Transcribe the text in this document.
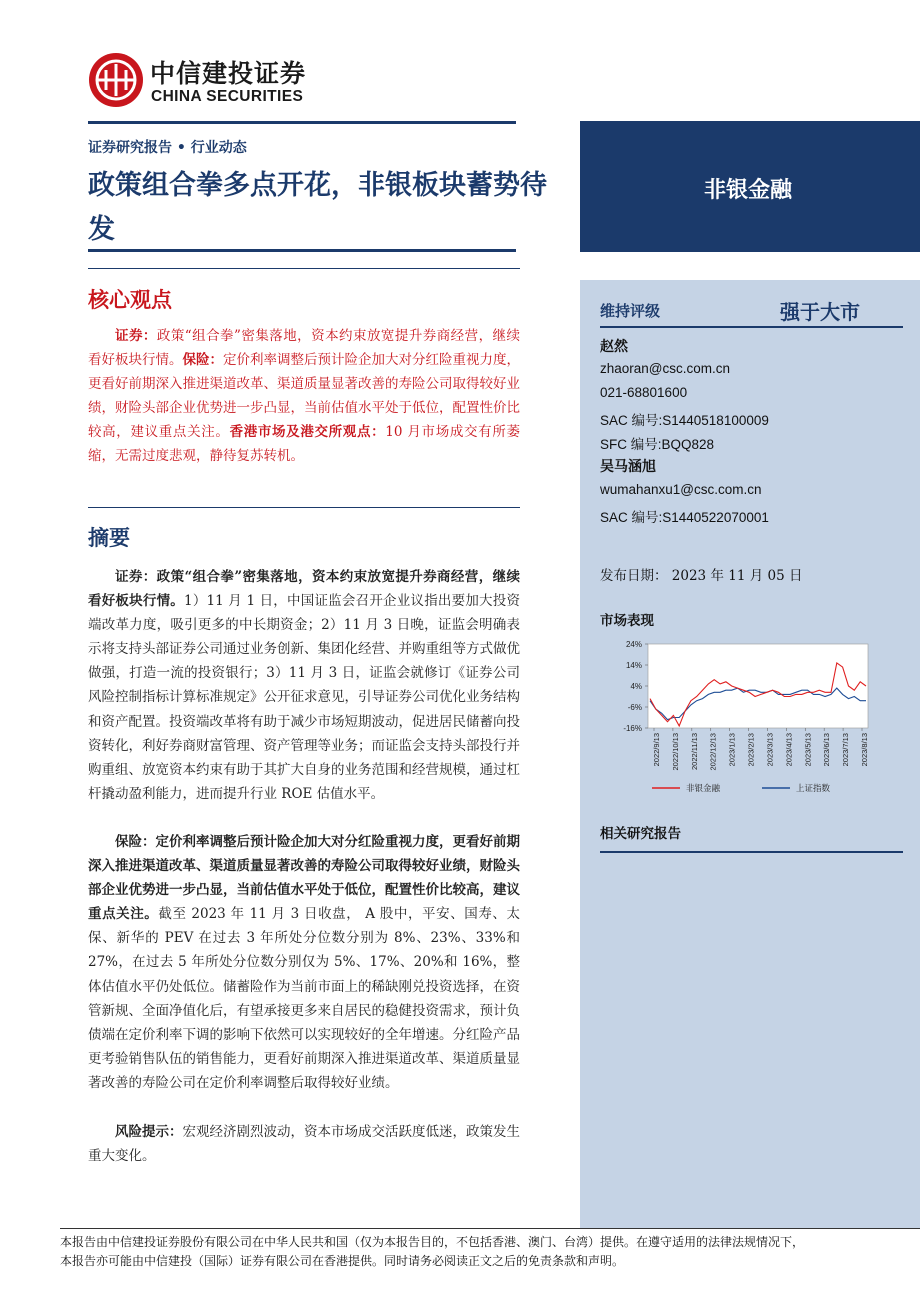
中信建投证券
CHINA SECURITIES
证券研究报告 • 行业动态
政策组合拳多点开花，非银板块蓄势待发
核心观点
证券：政策“组合拳”密集落地，资本约束放宽提升券商经营，继续看好板块行情。保险：定价利率调整后预计险企加大对分红险重视力度，更看好前期深入推进渠道改革、渠道质量显著改善的寿险公司取得较好业绩，财险头部企业优势进一步凸显，当前估值水平处于低位，配置性价比较高，建议重点关注。香港市场及港交所观点：10 月市场成交有所萎缩，无需过度悲观，静待复苏转机。
摘要
证券：政策“组合拳”密集落地，资本约束放宽提升券商经营，继续看好板块行情。1）11 月 1 日，中国证监会召开企业议指出要加大投资端改革力度，吸引更多的中长期资金；2）11 月 3 日晚，证监会明确表示将支持头部证券公司通过业务创新、集团化经营、并购重组等方式做优做强，打造一流的投资银行；3）11 月 3 日，证监会就修订《证券公司风险控制指标计算标准规定》公开征求意见，引导证券公司优化业务结构和资产配置。投资端改革将有助于减少市场短期波动，促进居民储蓄向投资转化，利好券商财富管理、资产管理等业务；而证监会支持头部投行并购重组、放宽资本约束有助于其扩大自身的业务范围和经营规模，通过杠杆撬动盈利能力，进而提升行业 ROE 估值水平。
保险：定价利率调整后预计险企加大对分红险重视力度，更看好前期深入推进渠道改革、渠道质量显著改善的寿险公司取得较好业绩，财险头部企业优势进一步凸显，当前估值水平处于低位，配置性价比较高，建议重点关注。截至 2023 年 11 月 3 日收盘， A 股中，平安、国寿、太保、新华的 PEV 在过去 3 年所处分位数分别为 8%、23%、33%和 27%，在过去 5 年所处分位数分别仅为 5%、17%、20%和 16%，整体估值水平仍处低位。储蓄险作为当前市面上的稀缺刚兑投资选择，在资管新规、全面净值化后，有望承接更多来自居民的稳健投资需求，预计负债端在定价利率下调的影响下依然可以实现较好的全年增速。分红险产品更考验销售队伍的销售能力，更看好前期深入推进渠道改革、渠道质量显著改善的寿险公司在定价利率调整后取得较好业绩。
风险提示：宏观经济剧烈波动，资本市场成交活跃度低迷，政策发生重大变化。
非银金融
维持评级	强于大市
赵然
zhaoran@csc.com.cn
021-68801600
SAC 编号:S1440518100009
SFC 编号:BQQ828
吴马涵旭
wumahanxu1@csc.com.cn
SAC 编号:S1440522070001
发布日期： 2023 年 11 月 05 日
市场表现
24%
14%
4%
-6%
-16%
2022/9/13 2022/10/13 2022/11/13 2022/12/13 2023/1/13 2023/2/13 2023/3/13 2023/4/13 2023/5/13 2023/6/13 2023/7/13 2023/8/13
非银金融	上证指数
相关研究报告
本报告由中信建投证券股份有限公司在中华人民共和国（仅为本报告目的，不包括香港、澳门、台湾）提供。在遵守适用的法律法规情况下，
本报告亦可能由中信建投（国际）证券有限公司在香港提供。同时请务必阅读正文之后的免责条款和声明。
